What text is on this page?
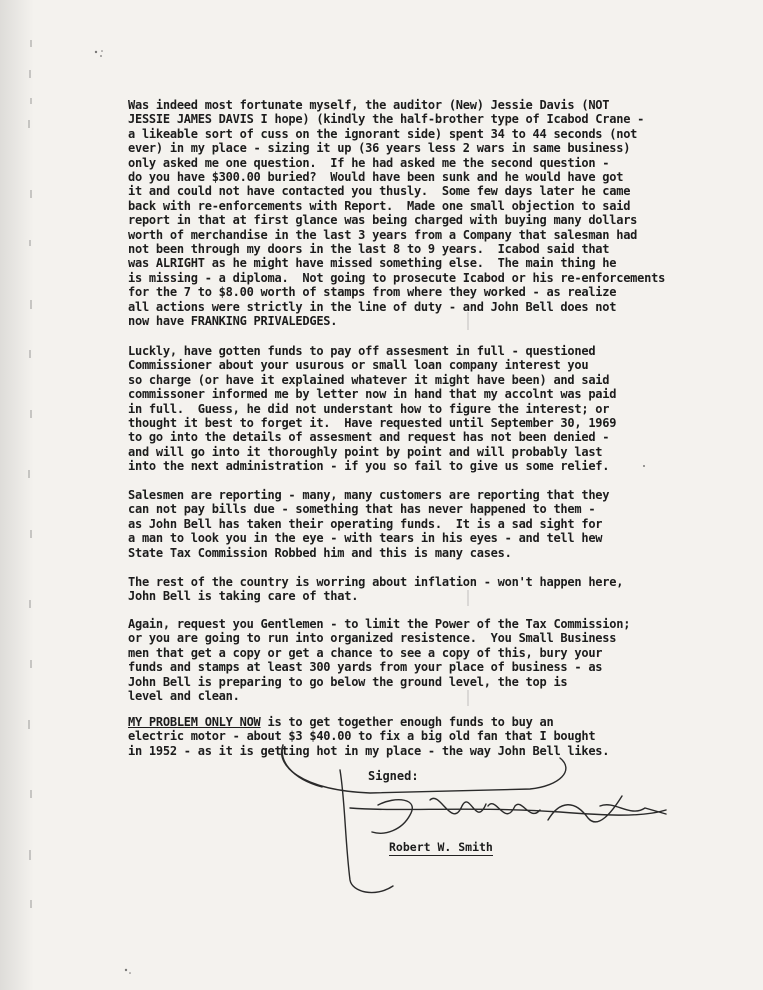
Was indeed most fortunate myself, the auditor (New) Jessie Davis (NOT
JESSIE JAMES DAVIS I hope) (kindly the half-brother type of Icabod Crane -
a likeable sort of cuss on the ignorant side) spent 34 to 44 seconds (not
ever) in my place - sizing it up (36 years less 2 wars in same business)
only asked me one question.  If he had asked me the second question -
do you have $300.00 buried?  Would have been sunk and he would have got
it and could not have contacted you thusly.  Some few days later he came
back with re-enforcements with Report.  Made one small objection to said
report in that at first glance was being charged with buying many dollars
worth of merchandise in the last 3 years from a Company that salesman had
not been through my doors in the last 8 to 9 years.  Icabod said that
was ALRIGHT as he might have missed something else.  The main thing he
is missing - a diploma.  Not going to prosecute Icabod or his re-enforcements
for the 7 to $8.00 worth of stamps from where they worked - as realize
all actions were strictly in the line of duty - and John Bell does not
now have FRANKING PRIVALEDGES.
Luckly, have gotten funds to pay off assesment in full - questioned
Commissioner about your usurous or small loan company interest you
so charge (or have it explained whatever it might have been) and said
commissoner informed me by letter now in hand that my accolnt was paid
in full.  Guess, he did not understant how to figure the interest; or
thought it best to forget it.  Have requested until September 30, 1969
to go into the details of assesment and request has not been denied -
and will go into it thoroughly point by point and will probably last
into the next administration - if you so fail to give us some relief.
Salesmen are reporting - many, many customers are reporting that they
can not pay bills due - something that has never happened to them -
as John Bell has taken their operating funds.  It is a sad sight for
a man to look you in the eye - with tears in his eyes - and tell hew
State Tax Commission Robbed him and this is many cases.
The rest of the country is worring about inflation - won't happen here,
John Bell is taking care of that.
Again, request you Gentlemen - to limit the Power of the Tax Commission;
or you are going to run into organized resistence.  You Small Business
men that get a copy or get a chance to see a copy of this, bury your
funds and stamps at least 300 yards from your place of business - as
John Bell is preparing to go below the ground level, the top is
level and clean.
MY PROBLEM ONLY NOW is to get together enough funds to buy an
electric motor - about $3 $40.00 to fix a big old fan that I bought
in 1952 - as it is getting hot in my place - the way John Bell likes.
Signed:
Robert W. Smith
